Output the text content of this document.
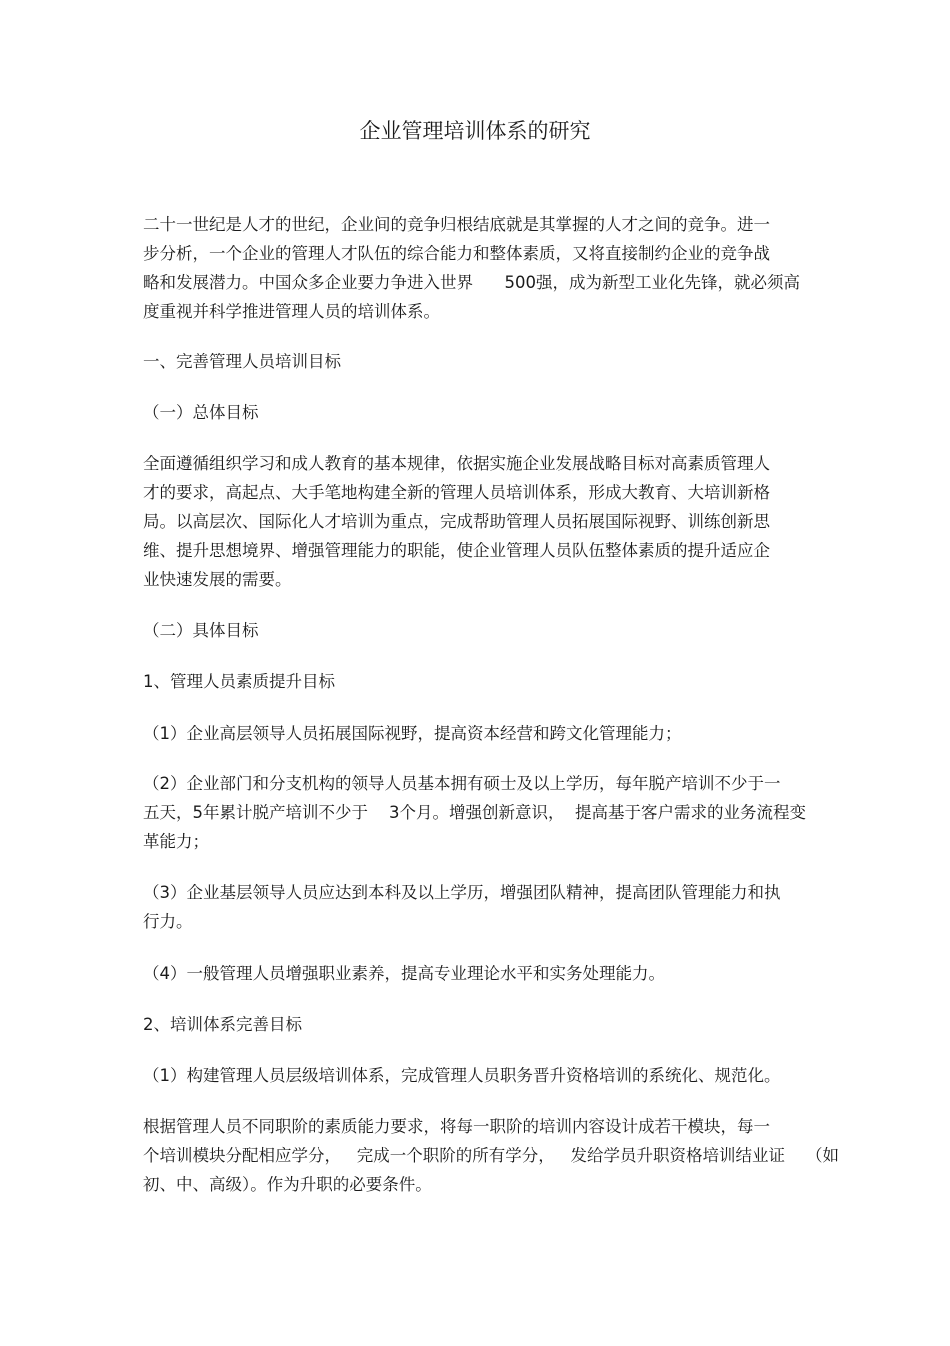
企业管理培训体系的研究

二十一世纪是人才的世纪，企业间的竞争归根结底就是其掌握的人才之间的竞争。进一

步分析，一个企业的管理人才队伍的综合能力和整体素质，又将直接制约企业的竞争战

略和发展潜力。中国众多企业要力争进入世界      500强，成为新型工业化先锋，就必须高

度重视并科学推进管理人员的培训体系。

一、完善管理人员培训目标

（一）总体目标

全面遵循组织学习和成人教育的基本规律，依据实施企业发展战略目标对高素质管理人

才的要求，高起点、大手笔地构建全新的管理人员培训体系，形成大教育、大培训新格

局。以高层次、国际化人才培训为重点，完成帮助管理人员拓展国际视野、训练创新思

维、提升思想境界、增强管理能力的职能，使企业管理人员队伍整体素质的提升适应企

业快速发展的需要。

（二）具体目标

1、管理人员素质提升目标

（1）企业高层领导人员拓展国际视野，提高资本经营和跨文化管理能力；

（2）企业部门和分支机构的领导人员基本拥有硕士及以上学历，每年脱产培训不少于一

五天，5年累计脱产培训不少于    3个月。增强创新意识，  提高基于客户需求的业务流程变

革能力；

（3）企业基层领导人员应达到本科及以上学历，增强团队精神，提高团队管理能力和执

行力。

（4）一般管理人员增强职业素养，提高专业理论水平和实务处理能力。

2、培训体系完善目标

（1）构建管理人员层级培训体系，完成管理人员职务晋升资格培训的系统化、规范化。

根据管理人员不同职阶的素质能力要求，将每一职阶的培训内容设计成若干模块，每一

个培训模块分配相应学分，   完成一个职阶的所有学分，   发给学员升职资格培训结业证    （如

初、中、高级）。作为升职的必要条件。
